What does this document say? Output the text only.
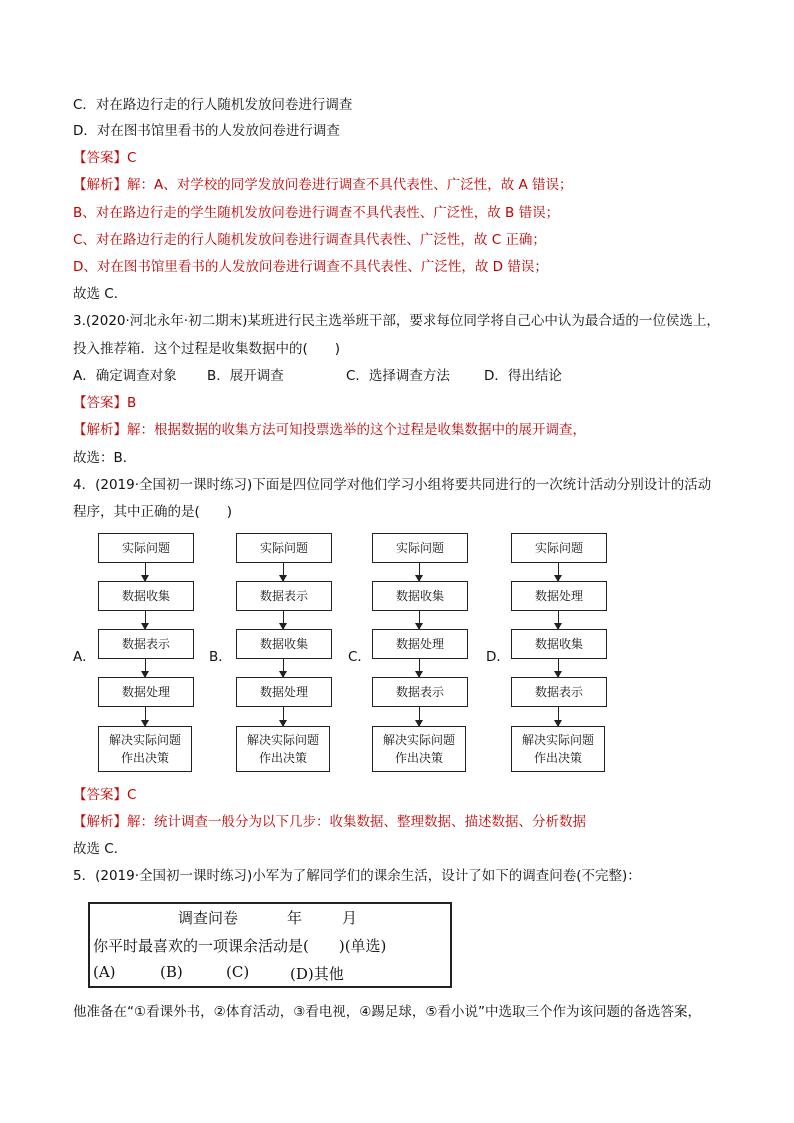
C．对在路边行走的行人随机发放问卷进行调查
D．对在图书馆里看书的人发放问卷进行调查
【答案】C
【解析】解：A、对学校的同学发放问卷进行调查不具代表性、广泛性，故 A 错误；
B、对在路边行走的学生随机发放问卷进行调查不具代表性、广泛性，故 B 错误；
C、对在路边行走的行人随机发放问卷进行调查具代表性、广泛性，故 C 正确；
D、对在图书馆里看书的人发放问卷进行调查不具代表性、广泛性，故 D 错误；
故选 C．
3.(2020·河北永年·初二期末)某班进行民主选举班干部，要求每位同学将自己心中认为最合适的一位侯选上，
投入推荐箱．这个过程是收集数据中的(　　)
A．确定调查对象 B．展开调查	C．选择调查方法	D．得出结论
【答案】B
【解析】解：根据数据的收集方法可知投票选举的这个过程是收集数据中的展开调查，
故选：B．
4．(2019·全国初一课时练习)下面是四位同学对他们学习小组将要共同进行的一次统计活动分别设计的活动
程序，其中正确的是(　　)
A．	B．	C．	D．
实际问题
数据收集
数据表示
数据处理
解决实际问题
作出决策
实际问题
数据表示
数据收集
数据处理
解决实际问题
作出决策
实际问题
数据收集
数据处理
数据表示
解决实际问题
作出决策
实际问题
数据处理
数据收集
数据表示
解决实际问题
作出决策
【答案】C
【解析】解：统计调查一般分为以下几步：收集数据、整理数据、描述数据、分析数据
故选 C．
5．(2019·全国初一课时练习)小军为了解同学们的课余生活，设计了如下的调查问卷(不完整)：
调查问卷	年	月
你平时最喜欢的一项课余活动是(　　)(单选)
(A)	(B)	(C)	(D)其他
他准备在“①看课外书，②体育活动，③看电视，④踢足球，⑤看小说”中选取三个作为该问题的备选答案，
